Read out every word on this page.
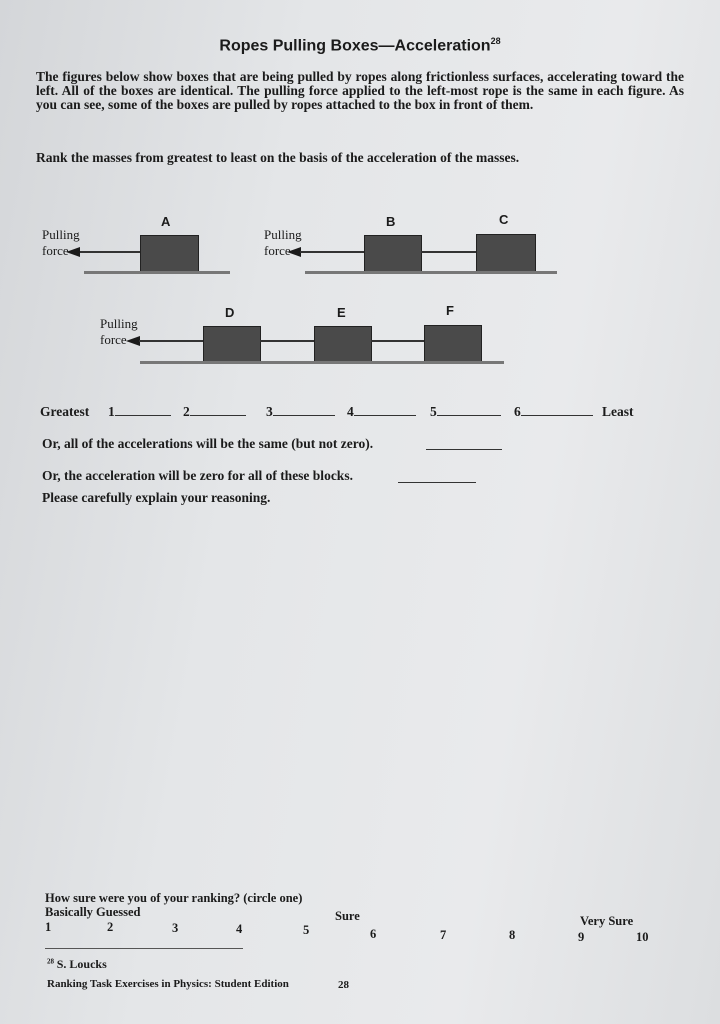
Ropes Pulling Boxes—Acceleration$^{28}$
The figures below show boxes that are being pulled by ropes along frictionless surfaces, accelerating toward the left. All of the boxes are identical. The pulling force applied to the left-most rope is the same in each figure. As you can see, some of the boxes are pulled by ropes attached to the box in front of them.
Rank the masses from greatest to least on the basis of the acceleration of the masses.
A
Pulling force
B	C
Pulling force
D	E	F
Pulling force
Greatest 1	2	3	4	5	6	Least
Or, all of the accelerations will be the same (but not zero).
Or, the acceleration will be zero for all of these blocks.
Please carefully explain your reasoning.
How sure were you of your ranking? (circle one)
Basically Guessed	Sure	Very Sure
1	2	3	4	5	6	7	8	9	10
$^{28}$ S. Loucks
Ranking Task Exercises in Physics: Student Edition	28
